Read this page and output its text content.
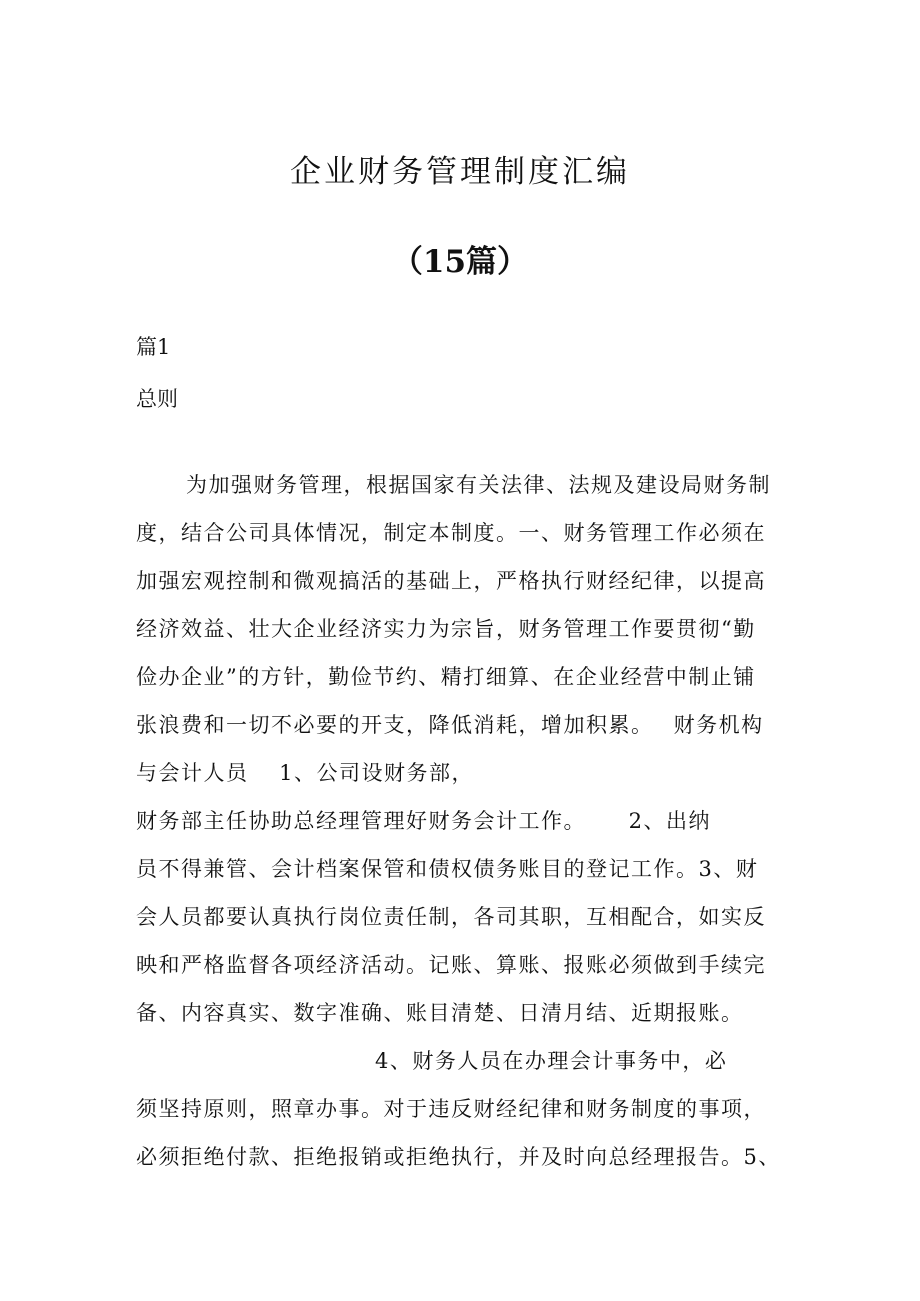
企业财务管理制度汇编
（15篇）
篇1
总则
为加强财务管理，根据国家有关法律、法规及建设局财务制
度，结合公司具体情况，制定本制度。一、财务管理工作必须在
加强宏观控制和微观搞活的基础上，严格执行财经纪律，以提高
经济效益、壮大企业经济实力为宗旨，财务管理工作要贯彻“勤
俭办企业”的方针，勤俭节约、精打细算、在企业经营中制止铺
张浪费和一切不必要的开支，降低消耗，增加积累。　 财务机构
与会计人员　 1、公司设财务部，
财务部主任协助总经理管理好财务会计工作。　　 2、出纳
员不得兼管、会计档案保管和债权债务账目的登记工作。3、财
会人员都要认真执行岗位责任制，各司其职，互相配合，如实反
映和严格监督各项经济活动。记账、算账、报账必须做到手续完
备、内容真实、数字准确、账目清楚、日清月结、近期报账。
4、财务人员在办理会计事务中，必
须坚持原则，照章办事。对于违反财经纪律和财务制度的事项，
必须拒绝付款、拒绝报销或拒绝执行，并及时向总经理报告。5、
